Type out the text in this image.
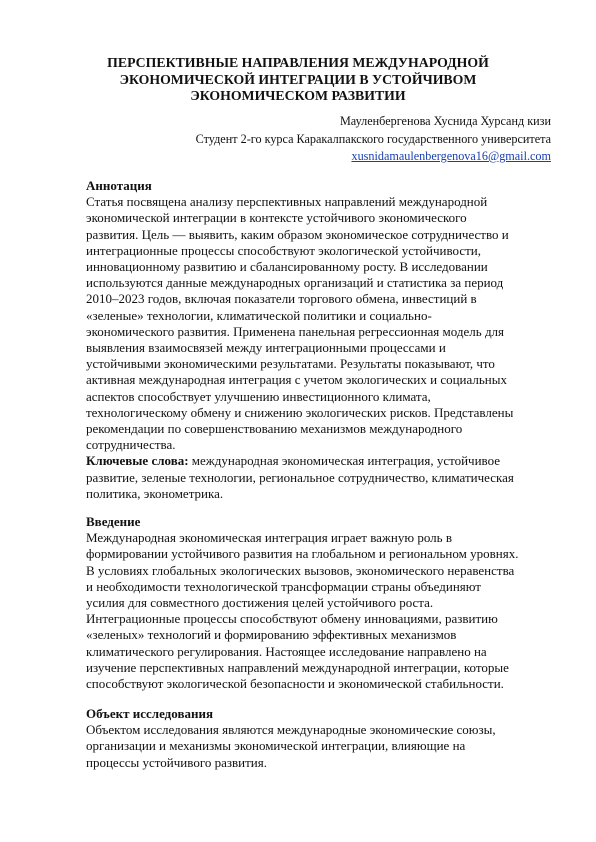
ПЕРСПЕКТИВНЫЕ НАПРАВЛЕНИЯ МЕЖДУНАРОДНОЙ
ЭКОНОМИЧЕСКОЙ ИНТЕГРАЦИИ В УСТОЙЧИВОМ
ЭКОНОМИЧЕСКОМ РАЗВИТИИ
Мауленбергенова Хуснида Хурсанд кизи
Студент 2-го курса Каракалпакского государственного университета
xusnidamaulenbergenova16@gmail.com
Аннотация
Статья посвящена анализу перспективных направлений международной
экономической интеграции в контексте устойчивого экономического
развития. Цель — выявить, каким образом экономическое сотрудничество и
интеграционные процессы способствуют экологической устойчивости,
инновационному развитию и сбалансированному росту. В исследовании
используются данные международных организаций и статистика за период
2010–2023 годов, включая показатели торгового обмена, инвестиций в
«зеленые» технологии, климатической политики и социально-
экономического развития. Применена панельная регрессионная модель для
выявления взаимосвязей между интеграционными процессами и
устойчивыми экономическими результатами. Результаты показывают, что
активная международная интеграция с учетом экологических и социальных
аспектов способствует улучшению инвестиционного климата,
технологическому обмену и снижению экологических рисков. Представлены
рекомендации по совершенствованию механизмов международного
сотрудничества.
Ключевые слова: международная экономическая интеграция, устойчивое
развитие, зеленые технологии, региональное сотрудничество, климатическая
политика, эконометрика.
Введение
Международная экономическая интеграция играет важную роль в
формировании устойчивого развития на глобальном и региональном уровнях.
В условиях глобальных экологических вызовов, экономического неравенства
и необходимости технологической трансформации страны объединяют
усилия для совместного достижения целей устойчивого роста.
Интеграционные процессы способствуют обмену инновациями, развитию
«зеленых» технологий и формированию эффективных механизмов
климатического регулирования. Настоящее исследование направлено на
изучение перспективных направлений международной интеграции, которые
способствуют экологической безопасности и экономической стабильности.
Объект исследования
Объектом исследования являются международные экономические союзы,
организации и механизмы экономической интеграции, влияющие на
процессы устойчивого развития.
